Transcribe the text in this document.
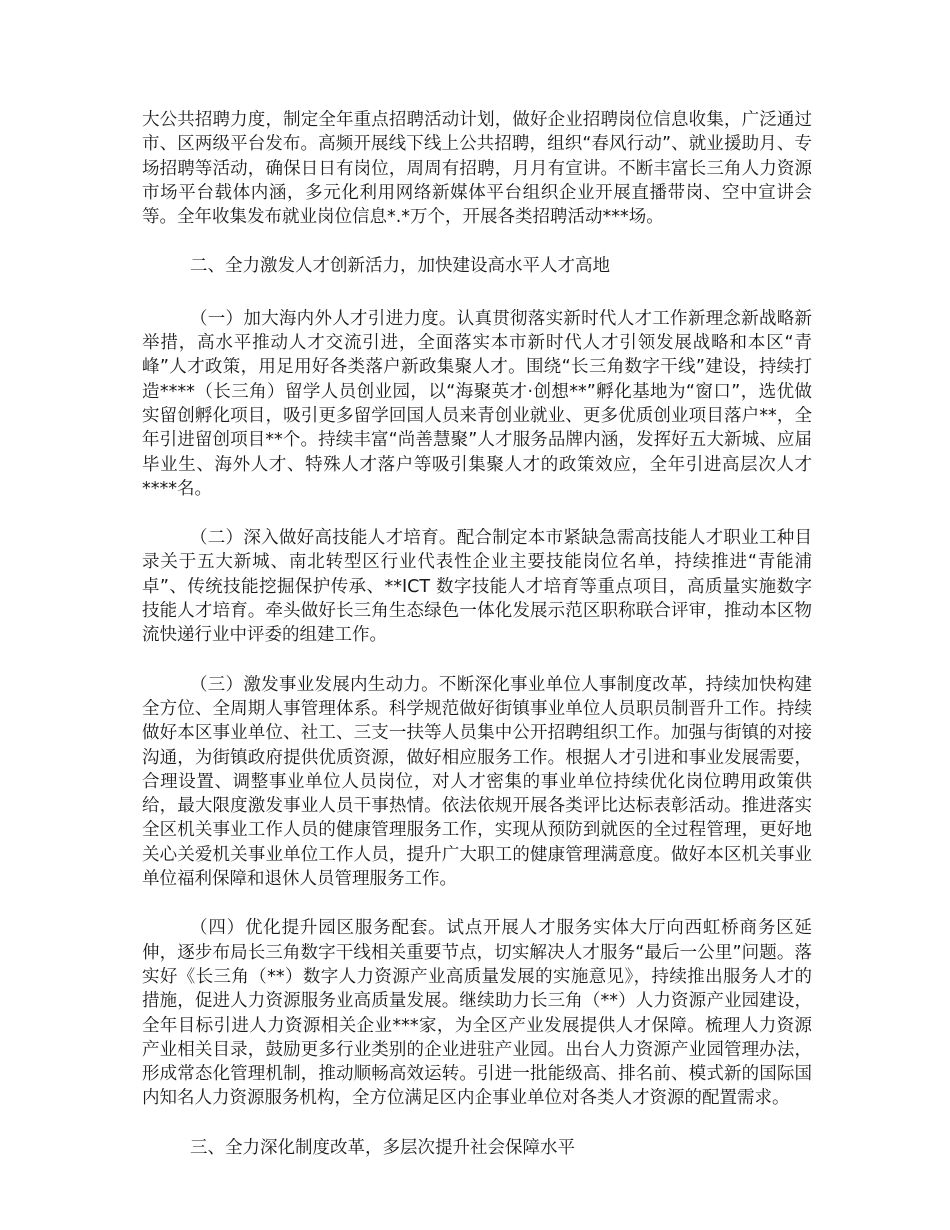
大公共招聘力度，制定全年重点招聘活动计划，做好企业招聘岗位信息收集，广泛通过市、区两级平台发布。高频开展线下线上公共招聘，组织“春风行动”、就业援助月、专场招聘等活动，确保日日有岗位，周周有招聘，月月有宣讲。不断丰富长三角人力资源市场平台载体内涵，多元化利用网络新媒体平台组织企业开展直播带岗、空中宣讲会等。全年收集发布就业岗位信息*.*万个，开展各类招聘活动***场。

二、全力激发人才创新活力，加快建设高水平人才高地

（一）加大海内外人才引进力度。认真贯彻落实新时代人才工作新理念新战略新举措，高水平推动人才交流引进，全面落实本市新时代人才引领发展战略和本区“青峰”人才政策，用足用好各类落户新政集聚人才。围绕“长三角数字干线”建设，持续打造****（长三角）留学人员创业园，以“海聚英才·创想**”孵化基地为“窗口”，选优做实留创孵化项目，吸引更多留学回国人员来青创业就业、更多优质创业项目落户**，全年引进留创项目**个。持续丰富“尚善慧聚”人才服务品牌内涵，发挥好五大新城、应届毕业生、海外人才、特殊人才落户等吸引集聚人才的政策效应，全年引进高层次人才****名。

（二）深入做好高技能人才培育。配合制定本市紧缺急需高技能人才职业工种目录关于五大新城、南北转型区行业代表性企业主要技能岗位名单，持续推进“青能浦卓”、传统技能挖掘保护传承、**ICT 数字技能人才培育等重点项目，高质量实施数字技能人才培育。牵头做好长三角生态绿色一体化发展示范区职称联合评审，推动本区物流快递行业中评委的组建工作。

（三）激发事业发展内生动力。不断深化事业单位人事制度改革，持续加快构建全方位、全周期人事管理体系。科学规范做好街镇事业单位人员职员制晋升工作。持续做好本区事业单位、社工、三支一扶等人员集中公开招聘组织工作。加强与街镇的对接沟通，为街镇政府提供优质资源，做好相应服务工作。根据人才引进和事业发展需要，合理设置、调整事业单位人员岗位，对人才密集的事业单位持续优化岗位聘用政策供给，最大限度激发事业人员干事热情。依法依规开展各类评比达标表彰活动。推进落实全区机关事业工作人员的健康管理服务工作，实现从预防到就医的全过程管理，更好地关心关爱机关事业单位工作人员，提升广大职工的健康管理满意度。做好本区机关事业单位福利保障和退休人员管理服务工作。

（四）优化提升园区服务配套。试点开展人才服务实体大厅向西虹桥商务区延伸，逐步布局长三角数字干线相关重要节点，切实解决人才服务“最后一公里”问题。落实好《长三角（**）数字人力资源产业高质量发展的实施意见》，持续推出服务人才的措施，促进人力资源服务业高质量发展。继续助力长三角（**）人力资源产业园建设，全年目标引进人力资源相关企业***家，为全区产业发展提供人才保障。梳理人力资源产业相关目录，鼓励更多行业类别的企业进驻产业园。出台人力资源产业园管理办法，形成常态化管理机制，推动顺畅高效运转。引进一批能级高、排名前、模式新的国际国内知名人力资源服务机构，全方位满足区内企事业单位对各类人才资源的配置需求。

三、全力深化制度改革，多层次提升社会保障水平
